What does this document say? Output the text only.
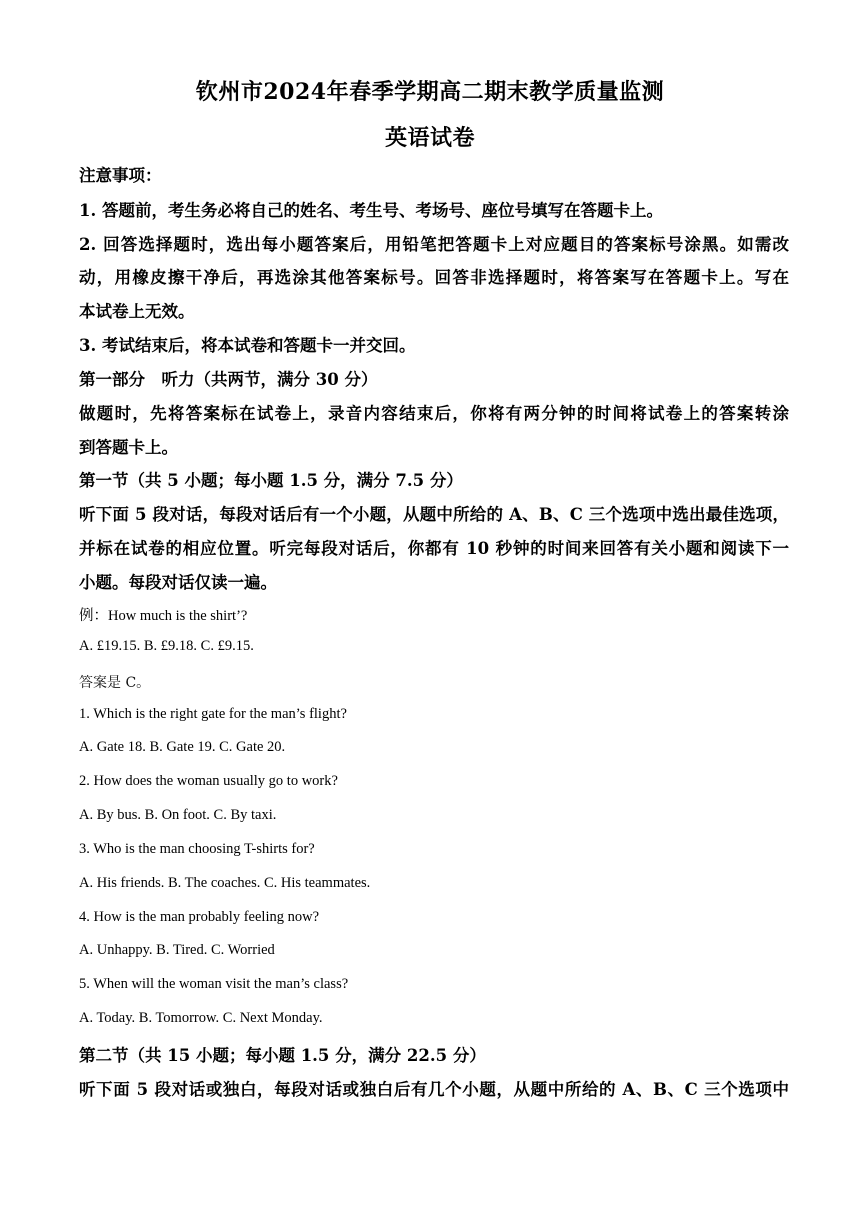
钦州市2024年春季学期高二期末教学质量监测
英语试卷
注意事项：
1. 答题前，考生务必将自己的姓名、考生号、考场号、座位号填写在答题卡上。
2. 回答选择题时，选出每小题答案后，用铅笔把答题卡上对应题目的答案标号涂黑。如需改
动，用橡皮擦干净后，再选涂其他答案标号。回答非选择题时，将答案写在答题卡上。写在
本试卷上无效。
3. 考试结束后，将本试卷和答题卡一并交回。
第一部分　听力（共两节，满分 30 分）
做题时，先将答案标在试卷上，录音内容结束后，你将有两分钟的时间将试卷上的答案转涂
到答题卡上。
第一节（共 5 小题；每小题 1.5 分，满分 7.5 分）
听下面 5 段对话，每段对话后有一个小题，从题中所给的 A、B、C 三个选项中选出最佳选项，
并标在试卷的相应位置。听完每段对话后，你都有 10 秒钟的时间来回答有关小题和阅读下一
小题。每段对话仅读一遍。
例：How much is the shirt’?
A. £19.15. B. £9.18. C. £9.15.
答案是 C。
1. Which is the right gate for the man’s flight?
A. Gate 18. B. Gate 19. C. Gate 20.
2. How does the woman usually go to work?
A. By bus. B. On foot. C. By taxi.
3. Who is the man choosing T-shirts for?
A. His friends. B. The coaches. C. His teammates.
4. How is the man probably feeling now?
A. Unhappy. B. Tired. C. Worried
5. When will the woman visit the man’s class?
A. Today. B. Tomorrow. C. Next Monday.
第二节（共 15 小题；每小题 1.5 分，满分 22.5 分）
听下面 5 段对话或独白，每段对话或独白后有几个小题，从题中所给的 A、B、C 三个选项中
